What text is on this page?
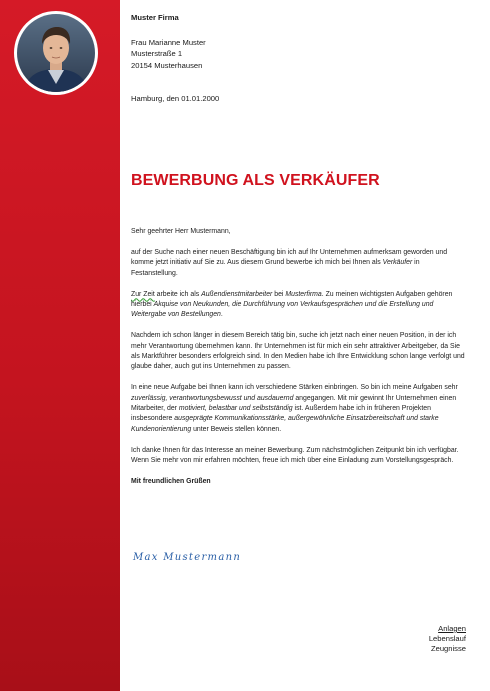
Muster Firma
Frau Marianne Muster
Musterstraße 1
20154 Musterhausen
Hamburg, den 01.01.2000
BEWERBUNG ALS VERKÄUFER

Sehr geehrter Herr Mustermann,

auf der Suche nach einer neuen Beschäftigung bin ich auf Ihr Unternehmen aufmerksam geworden und komme jetzt initiativ auf Sie zu. Aus diesem Grund bewerbe ich mich bei Ihnen als Verkäufer in Festanstellung.

Zur Zeit arbeite ich als Außendienstmitarbeiter bei Musterfirma. Zu meinen wichtigsten Aufgaben gehören hierbei Akquise von Neukunden, die Durchführung von Verkaufsgesprächen und die Erstellung und Weitergabe von Bestellungen.

Nachdem ich schon länger in diesem Bereich tätig bin, suche ich jetzt nach einer neuen Position, in der ich mehr Verantwortung übernehmen kann. Ihr Unternehmen ist für mich ein sehr attraktiver Arbeitgeber, da Sie als Marktführer besonders erfolgreich sind. In den Medien habe ich Ihre Entwicklung schon lange verfolgt und glaube daher, auch gut ins Unternehmen zu passen.

In eine neue Aufgabe bei Ihnen kann ich verschiedene Stärken einbringen. So bin ich meine Aufgaben sehr zuverlässig, verantwortungsbewusst und ausdauernd angegangen. Mit mir gewinnt Ihr Unternehmen einen Mitarbeiter, der motiviert, belastbar und selbstständig ist. Außerdem habe ich in früheren Projekten insbesondere ausgeprägte Kommunikationsstärke, außergewöhnliche Einsatzbereitschaft und starke Kundenorientierung unter Beweis stellen können.

Ich danke Ihnen für das Interesse an meiner Bewerbung. Zum nächstmöglichen Zeitpunkt bin ich verfügbar. Wenn Sie mehr von mir erfahren möchten, freue ich mich über eine Einladung zum Vorstellungsgespräch.

Mit freundlichen Grüßen

Max Mustermann
Anlagen
Lebenslauf
Zeugnisse
